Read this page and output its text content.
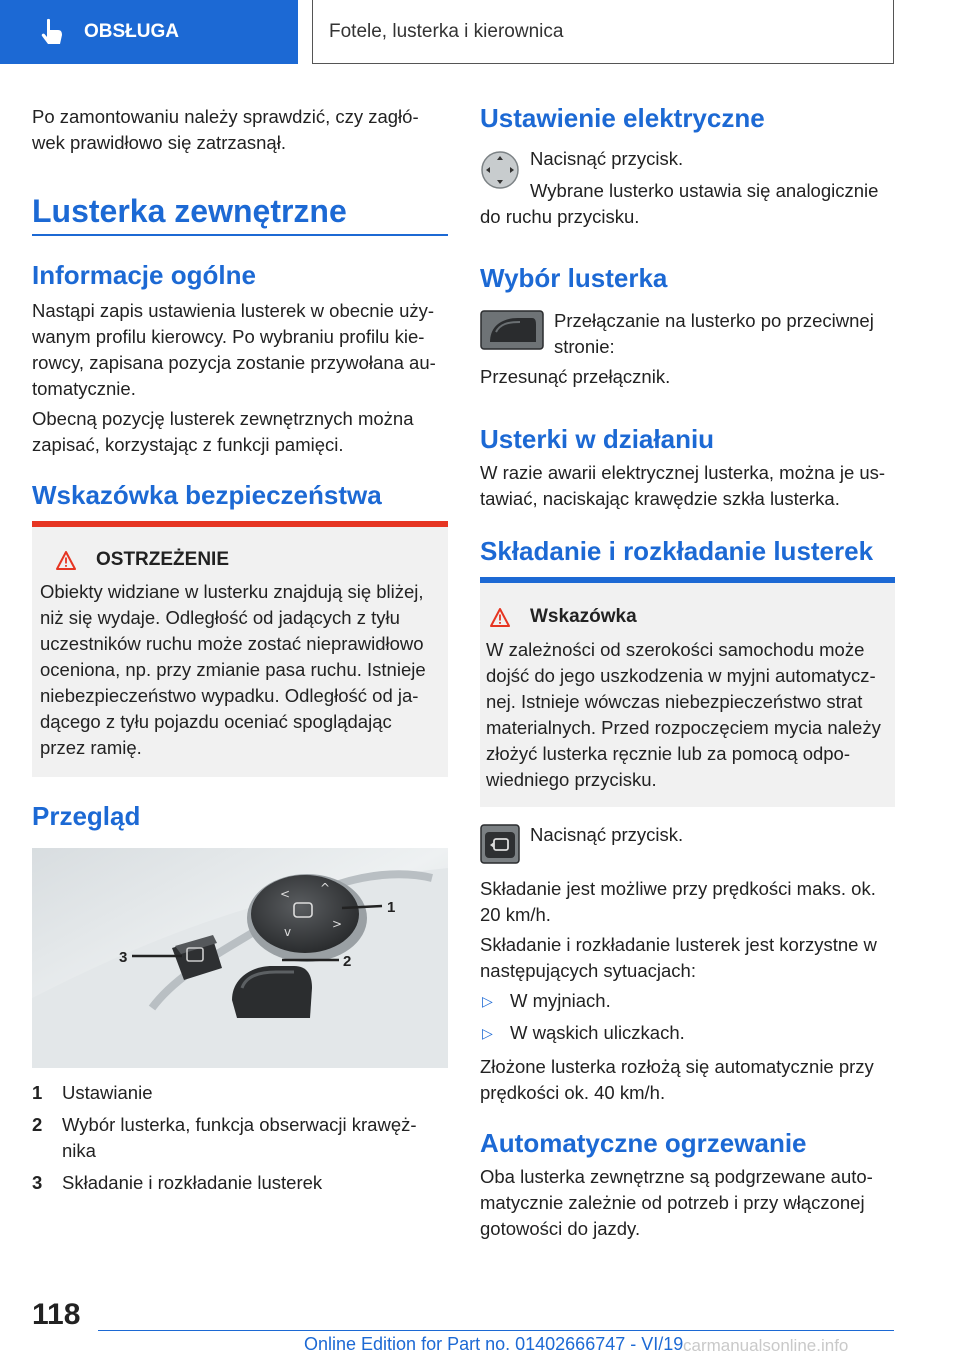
OBSŁUGA	Fotele, lusterka i kierownica

Po zamontowaniu należy sprawdzić, czy zagłó-wek prawidłowo się zatrzasnął.

Lusterka zewnętrzne
Informacje ogólne

Nastąpi zapis ustawienia lusterek w obecnie uży-wanym profilu kierowcy. Po wybraniu profilu kie-rowcy, zapisana pozycja zostanie przywołana au-tomatycznie.

Obecną pozycję lusterek zewnętrznych można zapisać, korzystając z funkcji pamięci.

Wskazówka bezpieczeństwa
OSTRZEŻENIE

Obiekty widziane w lusterku znajdują się bliżej, niż się wydaje. Odległość od jadących z tyłu uczestników ruchu może zostać nieprawidłowo oceniona, np. przy zmianie pasa ruchu. Istnieje niebezpieczeństwo wypadku. Odległość od ja-dącego z tyłu pojazdu oceniać spoglądając przez ramię.

Przegląd
< ^
>
v
1
2
3
1	Ustawianie
2	Wybór lusterka, funkcja obserwacji krawęż-nika
3	Składanie i rozkładanie lusterek
Ustawienie elektryczne

Nacisnąć przycisk.

Wybrane lusterko ustawia się analogicznie do ruchu przycisku.

Wybór lusterka

Przełączanie na lusterko po przeciwnej stronie:

Przesunąć przełącznik.

Usterki w działaniu

W razie awarii elektrycznej lusterka, można je us-tawiać, naciskając krawędzie szkła lusterka.

Składanie i rozkładanie lusterek
Wskazówka

W zależności od szerokości samochodu może dojść do jego uszkodzenia w myjni automatycz-nej. Istnieje wówczas niebezpieczeństwo strat materialnych. Przed rozpoczęciem mycia należy złożyć lusterka ręcznie lub za pomocą odpo-wiedniego przycisku.

Nacisnąć przycisk.

Składanie jest możliwe przy prędkości maks. ok. 20 km/h.

Składanie i rozkładanie lusterek jest korzystne w następujących sytuacjach:

▷ W myjniach.
▷ W wąskich uliczkach.

Złożone lusterka rozłożą się automatycznie przy prędkości ok. 40 km/h.

Automatyczne ogrzewanie

Oba lusterka zewnętrzne są podgrzewane auto-matycznie zależnie od potrzeb i przy włączonej gotowości do jazdy.

118
Online Edition for Part no. 01402666747 - VI/19 carmanualsonline.info
